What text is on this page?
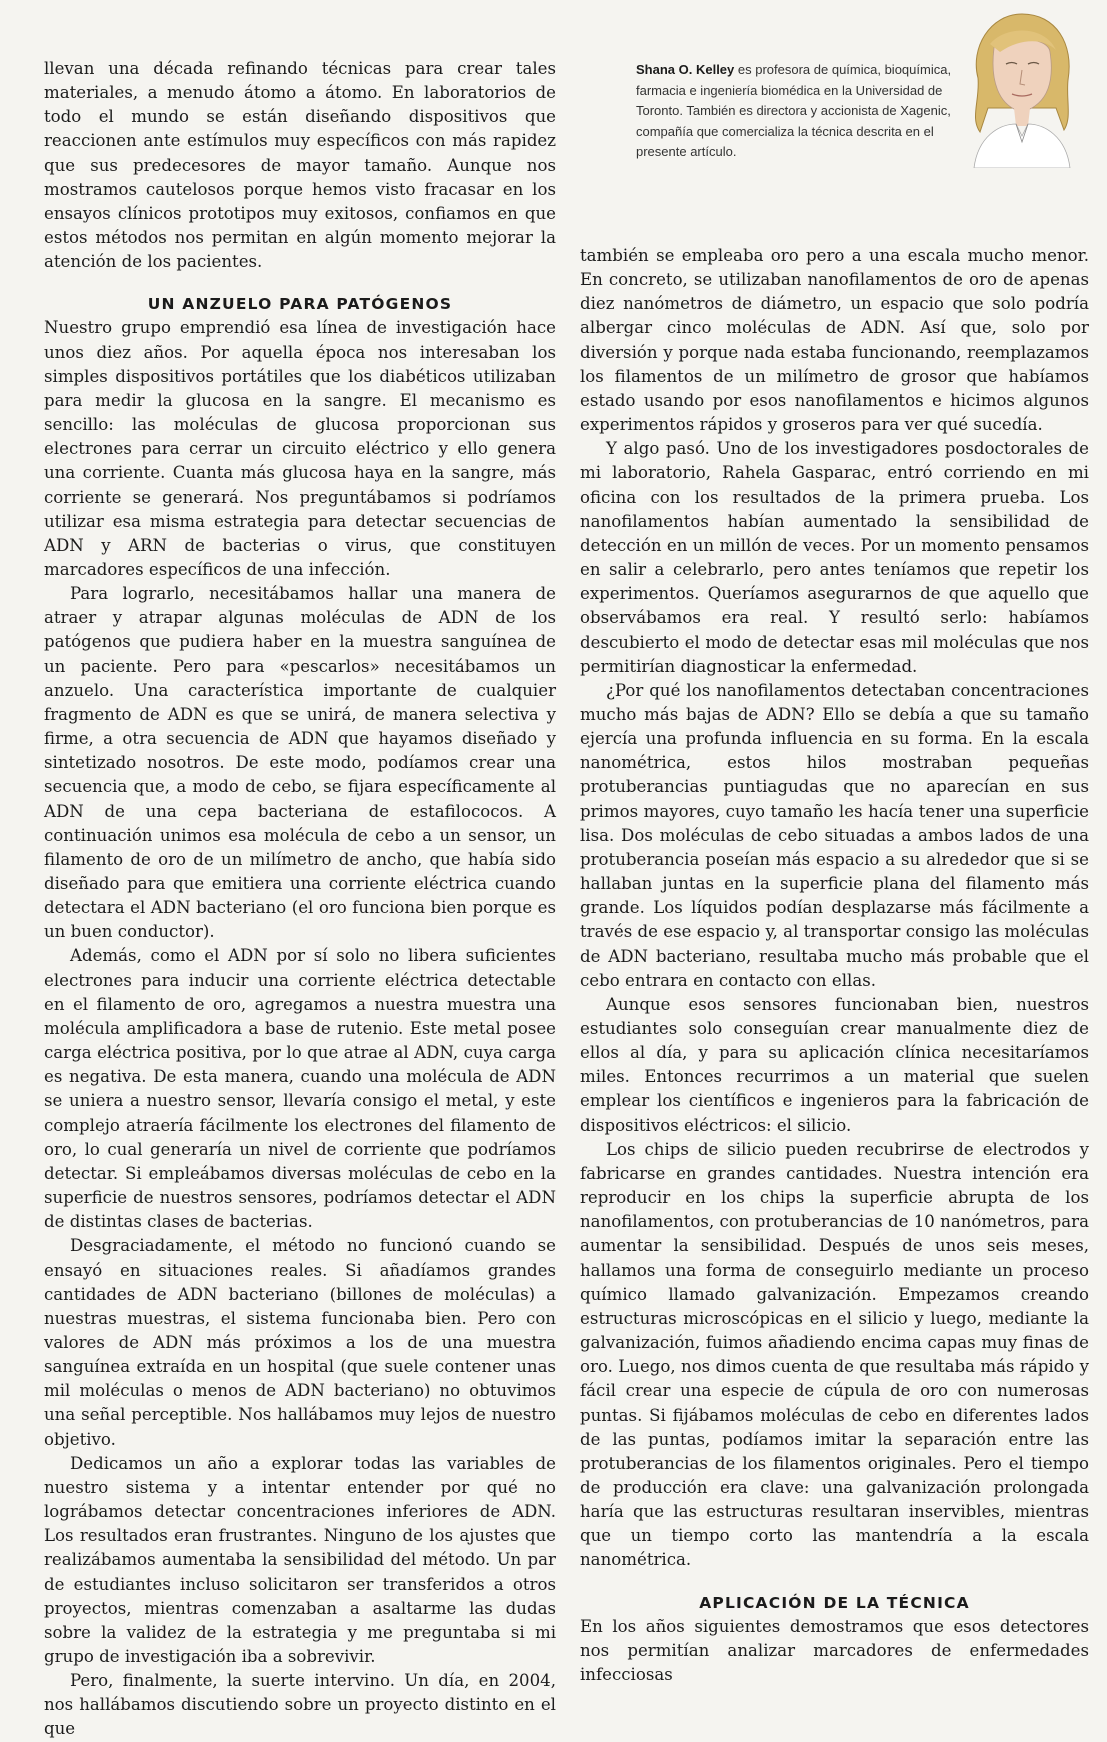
Shana O. Kelley es profesora de química, bioquímica, farmacia e ingeniería biomédica en la Universidad de Toronto. También es directora y accionista de Xagenic, compañía que comercializa la técnica descrita en el presente artículo.

llevan una década refinando técnicas para crear tales materiales, a menudo átomo a átomo. En laboratorios de todo el mundo se están diseñando dispositivos que reaccionen ante estímulos muy específicos con más rapidez que sus predecesores de mayor tamaño. Aunque nos mostramos cautelosos porque hemos visto fracasar en los ensayos clínicos prototipos muy exitosos, confiamos en que estos métodos nos permitan en algún momento mejorar la atención de los pacientes.

UN ANZUELO PARA PATÓGENOS

Nuestro grupo emprendió esa línea de investigación hace unos diez años. Por aquella época nos interesaban los simples dispositivos portátiles que los diabéticos utilizaban para medir la glucosa en la sangre. El mecanismo es sencillo: las moléculas de glucosa proporcionan sus electrones para cerrar un circuito eléctrico y ello genera una corriente. Cuanta más glucosa haya en la sangre, más corriente se generará. Nos preguntábamos si podríamos utilizar esa misma estrategia para detectar secuencias de ADN y ARN de bacterias o virus, que constituyen marcadores específicos de una infección.

Para lograrlo, necesitábamos hallar una manera de atraer y atrapar algunas moléculas de ADN de los patógenos que pudiera haber en la muestra sanguínea de un paciente. Pero para «pescarlos» necesitábamos un anzuelo. Una característica importante de cualquier fragmento de ADN es que se unirá, de manera selectiva y firme, a otra secuencia de ADN que hayamos diseñado y sintetizado nosotros. De este modo, podíamos crear una secuencia que, a modo de cebo, se fijara específicamente al ADN de una cepa bacteriana de estafilococos. A continuación unimos esa molécula de cebo a un sensor, un filamento de oro de un milímetro de ancho, que había sido diseñado para que emitiera una corriente eléctrica cuando detectara el ADN bacteriano (el oro funciona bien porque es un buen conductor).

Además, como el ADN por sí solo no libera suficientes electrones para inducir una corriente eléctrica detectable en el filamento de oro, agregamos a nuestra muestra una molécula amplificadora a base de rutenio. Este metal posee carga eléctrica positiva, por lo que atrae al ADN, cuya carga es negativa. De esta manera, cuando una molécula de ADN se uniera a nuestro sensor, llevaría consigo el metal, y este complejo atraería fácilmente los electrones del filamento de oro, lo cual generaría un nivel de corriente que podríamos detectar. Si empleábamos diversas moléculas de cebo en la superficie de nuestros sensores, podríamos detectar el ADN de distintas clases de bacterias.

Desgraciadamente, el método no funcionó cuando se ensayó en situaciones reales. Si añadíamos grandes cantidades de ADN bacteriano (billones de moléculas) a nuestras muestras, el sistema funcionaba bien. Pero con valores de ADN más próximos a los de una muestra sanguínea extraída en un hospital (que suele contener unas mil moléculas o menos de ADN bacteriano) no obtuvimos una señal perceptible. Nos hallábamos muy lejos de nuestro objetivo.

Dedicamos un año a explorar todas las variables de nuestro sistema y a intentar entender por qué no lográbamos detectar concentraciones inferiores de ADN. Los resultados eran frustrantes. Ninguno de los ajustes que realizábamos aumentaba la sensibilidad del método. Un par de estudiantes incluso solicitaron ser transferidos a otros proyectos, mientras comenzaban a asaltarme las dudas sobre la validez de la estrategia y me preguntaba si mi grupo de investigación iba a sobrevivir.

Pero, finalmente, la suerte intervino. Un día, en 2004, nos hallábamos discutiendo sobre un proyecto distinto en el que

también se empleaba oro pero a una escala mucho menor. En concreto, se utilizaban nanofilamentos de oro de apenas diez nanómetros de diámetro, un espacio que solo podría albergar cinco moléculas de ADN. Así que, solo por diversión y porque nada estaba funcionando, reemplazamos los filamentos de un milímetro de grosor que habíamos estado usando por esos nanofilamentos e hicimos algunos experimentos rápidos y groseros para ver qué sucedía.

Y algo pasó. Uno de los investigadores posdoctorales de mi laboratorio, Rahela Gasparac, entró corriendo en mi oficina con los resultados de la primera prueba. Los nanofilamentos habían aumentado la sensibilidad de detección en un millón de veces. Por un momento pensamos en salir a celebrarlo, pero antes teníamos que repetir los experimentos. Queríamos asegurarnos de que aquello que observábamos era real. Y resultó serlo: habíamos descubierto el modo de detectar esas mil moléculas que nos permitirían diagnosticar la enfermedad.

¿Por qué los nanofilamentos detectaban concentraciones mucho más bajas de ADN? Ello se debía a que su tamaño ejercía una profunda influencia en su forma. En la escala nanométrica, estos hilos mostraban pequeñas protuberancias puntiagudas que no aparecían en sus primos mayores, cuyo tamaño les hacía tener una superficie lisa. Dos moléculas de cebo situadas a ambos lados de una protuberancia poseían más espacio a su alrededor que si se hallaban juntas en la superficie plana del filamento más grande. Los líquidos podían desplazarse más fácilmente a través de ese espacio y, al transportar consigo las moléculas de ADN bacteriano, resultaba mucho más probable que el cebo entrara en contacto con ellas.

Aunque esos sensores funcionaban bien, nuestros estudiantes solo conseguían crear manualmente diez de ellos al día, y para su aplicación clínica necesitaríamos miles. Entonces recurrimos a un material que suelen emplear los científicos e ingenieros para la fabricación de dispositivos eléctricos: el silicio.

Los chips de silicio pueden recubrirse de electrodos y fabricarse en grandes cantidades. Nuestra intención era reproducir en los chips la superficie abrupta de los nanofilamentos, con protuberancias de 10 nanómetros, para aumentar la sensibilidad. Después de unos seis meses, hallamos una forma de conseguirlo mediante un proceso químico llamado galvanización. Empezamos creando estructuras microscópicas en el silicio y luego, mediante la galvanización, fuimos añadiendo encima capas muy finas de oro. Luego, nos dimos cuenta de que resultaba más rápido y fácil crear una especie de cúpula de oro con numerosas puntas. Si fijábamos moléculas de cebo en diferentes lados de las puntas, podíamos imitar la separación entre las protuberancias de los filamentos originales. Pero el tiempo de producción era clave: una galvanización prolongada haría que las estructuras resultaran inservibles, mientras que un tiempo corto las mantendría a la escala nanométrica.

APLICACIÓN DE LA TÉCNICA

En los años siguientes demostramos que esos detectores nos permitían analizar marcadores de enfermedades infecciosas
